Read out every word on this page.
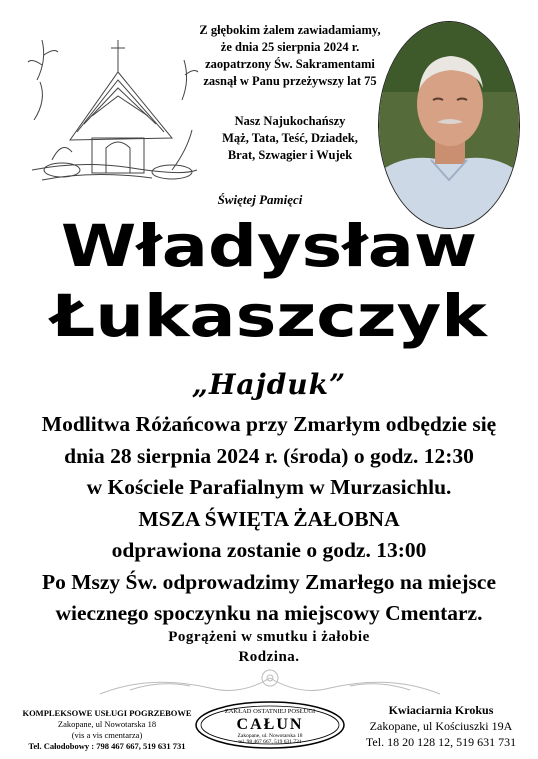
Z głębokim żalem zawiadamiamy,
że dnia 25 sierpnia 2024 r.
zaopatrzony Św. Sakramentami
zasnął w Panu przeżywszy lat 75
Nasz Najukochańszy
Mąż, Tata, Teść, Dziadek,
Brat, Szwagier i Wujek
Świętej Pamięci
Władysław
Łukaszczyk
„Hajduk”
Modlitwa Różańcowa przy Zmarłym odbędzie się
dnia 28 sierpnia 2024 r. (środa) o godz. 12:30
w Kościele Parafialnym w Murzasichlu.
MSZA ŚWIĘTA ŻAŁOBNA
odprawiona zostanie o godz. 13:00
Po Mszy Św. odprowadzimy Zmarłego na miejsce
wiecznego spoczynku na miejscowy Cmentarz.
Pogrążeni w smutku i żałobie
Rodzina.
KOMPLEKSOWE USŁUGI POGRZEBOWE
Zakopane, ul Nowotarska 18
(vis a vis cmentarza)
Tel. Całodobowy : 798 467 667, 519 631 731
ZAKŁAD OSTATNIEJ POSŁUGI
CAŁUN
Zakopane, ul. Nowotarska 18
tel. 98 467 667, 519 631 731
Kwiaciarnia Krokus
Zakopane, ul Kościuszki 19A
Tel. 18 20 128 12, 519 631 731
